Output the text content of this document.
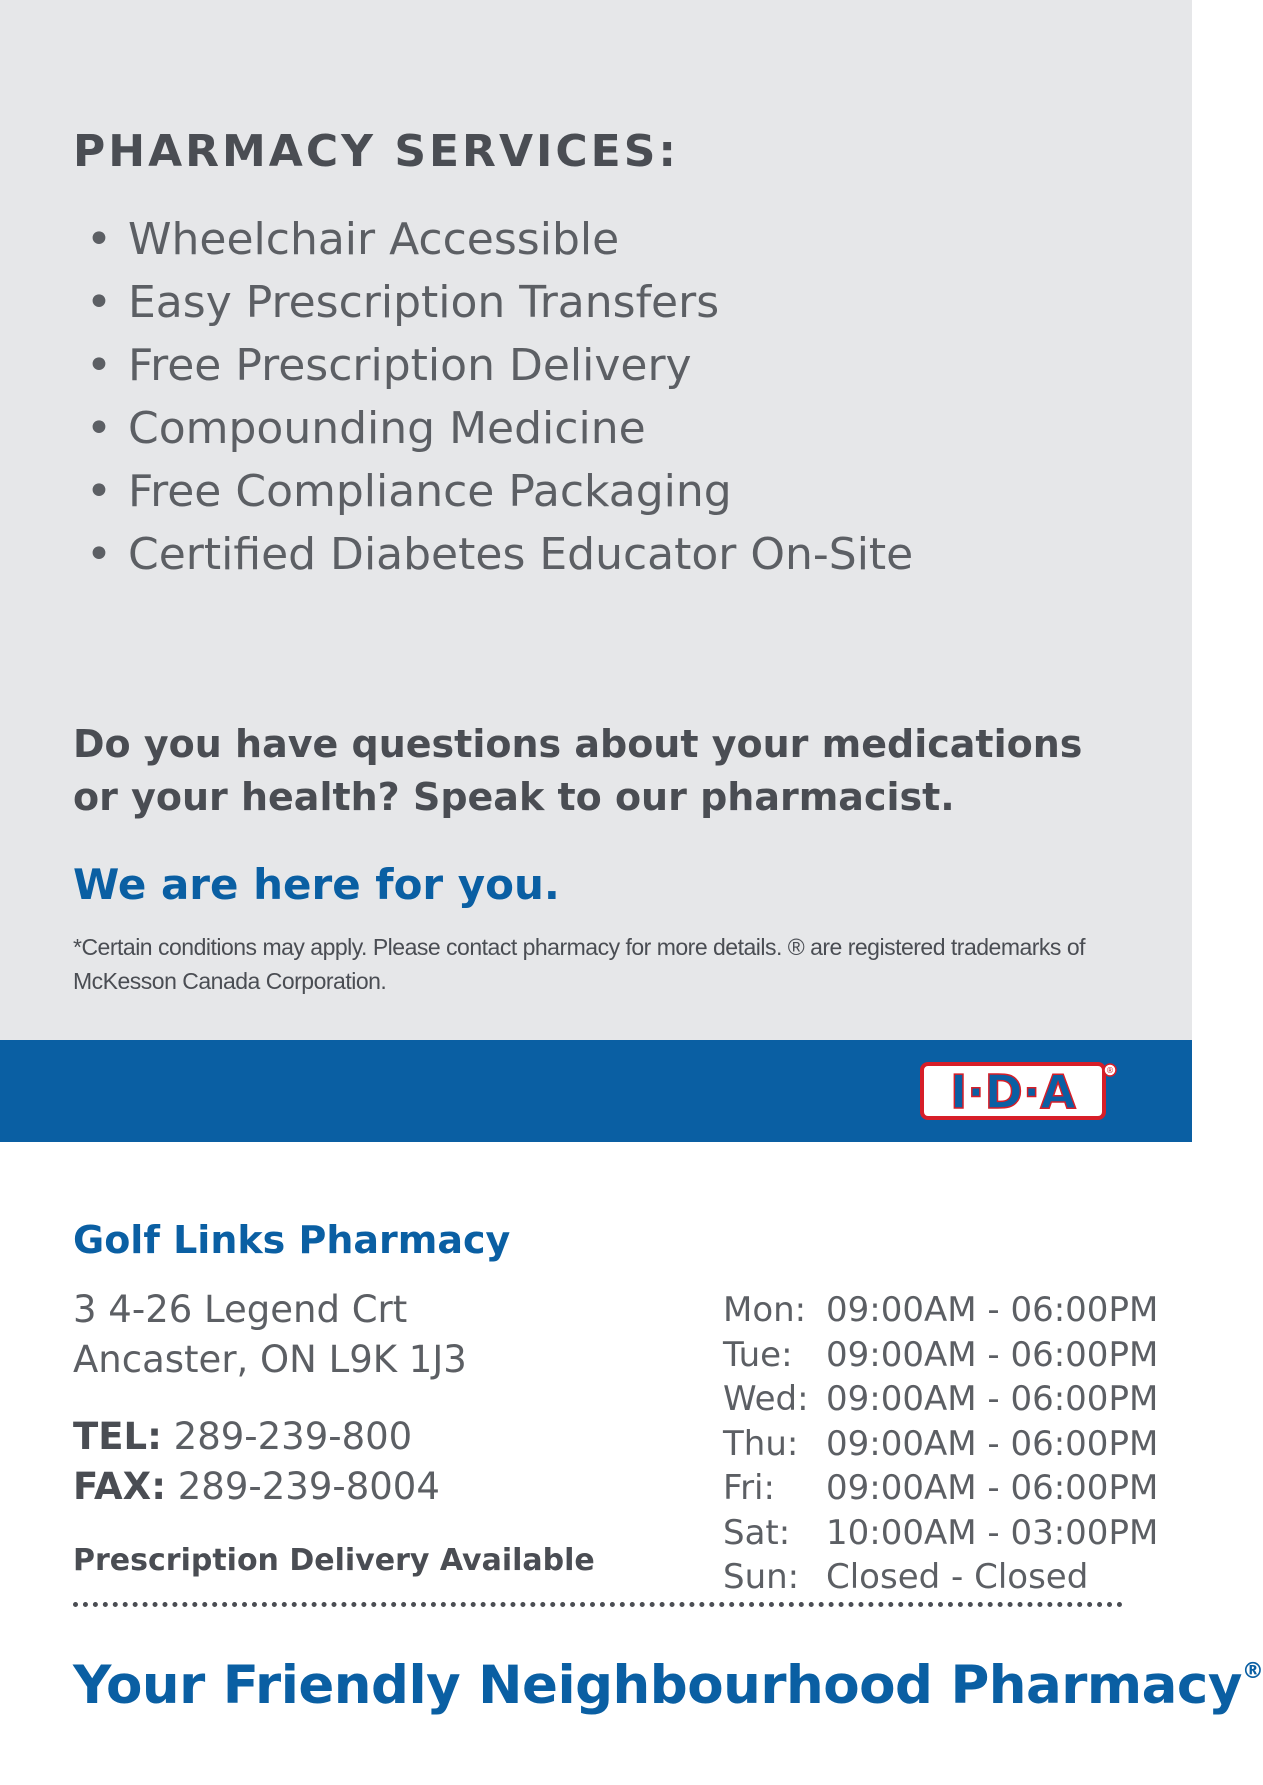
PHARMACY SERVICES:
• Wheelchair Accessible
• Easy Prescription Transfers
• Free Prescription Delivery
• Compounding Medicine
• Free Compliance Packaging
• Certified Diabetes Educator On-Site

Do you have questions about your medications
or your health? Speak to our pharmacist.

We are here for you.

*Certain conditions may apply. Please contact pharmacy for more details. ® are registered trademarks of
McKesson Canada Corporation.

I·D·A	®
Golf Links Pharmacy
3 4-26 Legend Crt
Ancaster, ON L9K 1J3
TEL: 289-239-800
FAX: 289-239-8004
Prescription Delivery Available
Mon: 09:00AM - 06:00PM
Tue: 09:00AM - 06:00PM
Wed: 09:00AM - 06:00PM
Thu: 09:00AM - 06:00PM
Fri: 09:00AM - 06:00PM
Sat: 10:00AM - 03:00PM
Sun: Closed - Closed

Your Friendly Neighbourhood Pharmacy®
